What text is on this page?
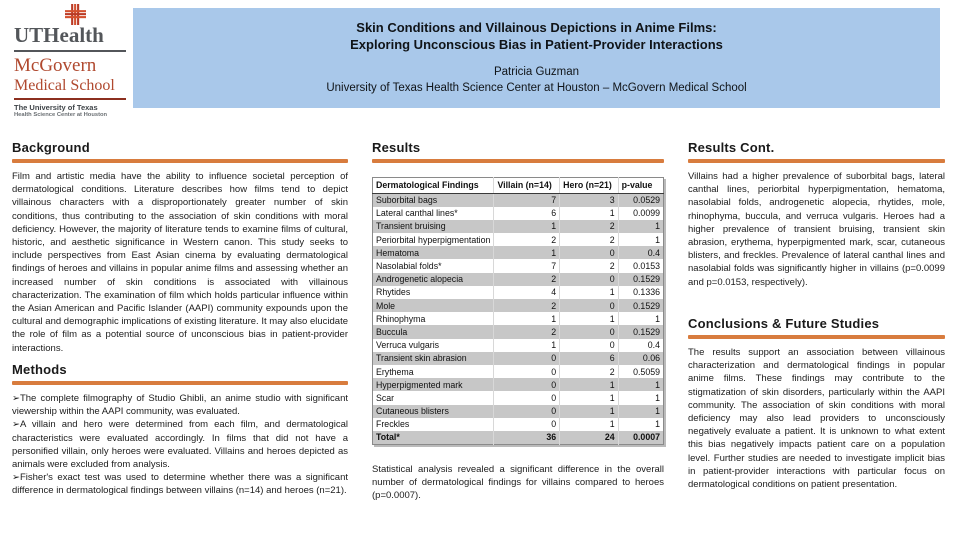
UTHealth
McGovern
Medical School
The University of Texas
Health Science Center at Houston
Skin Conditions and Villainous Depictions in Anime Films:
Exploring Unconscious Bias in Patient-Provider Interactions
Patricia Guzman
University of Texas Health Science Center at Houston – McGovern Medical School
Background
Film and artistic media have the ability to influence societal perception of dermatological conditions. Literature describes how films tend to depict villainous characters with a disproportionately greater number of skin conditions, thus contributing to the association of skin conditions with moral deficiency. However, the majority of literature tends to examine films of cultural, historic, and aesthetic significance in Western canon. This study seeks to include perspectives from East Asian cinema by evaluating dermatological findings of heroes and villains in popular anime films and assessing whether an increased number of skin conditions is associated with villainous characterization. The examination of film which holds particular influence within the Asian American and Pacific Islander (AAPI) community expounds upon the cultural and demographic implications of existing literature. It may also elucidate the role of film as a potential source of unconscious bias in patient-provider interactions.
Methods

➢The complete filmography of Studio Ghibli, an anime studio with significant viewership within the AAPI community, was evaluated.

➢A villain and hero were determined from each film, and dermatological characteristics were evaluated accordingly. In films that did not have a personified villain, only heroes were evaluated. Villains and heroes depicted as animals were excluded from analysis.

➢Fisher's exact test was used to determine whether there was a significant difference in dermatological findings between villains (n=14) and heroes (n=21).

Results
Dermatological Findings	Villain (n=14)	Hero (n=21)	p-value
Suborbital bags	7	3	0.0529
Lateral canthal lines*	6	1	0.0099
Transient bruising	1	2	1
Periorbital hyperpigmentation	2	2	1
Hematoma	1	0	0.4
Nasolabial folds*	7	2	0.0153
Androgenetic alopecia	2	0	0.1529
Rhytides	4	1	0.1336
Mole	2	0	0.1529
Rhinophyma	1	1	1
Buccula	2	0	0.1529
Verruca vulgaris	1	0	0.4
Transient skin abrasion	0	6	0.06
Erythema	0	2	0.5059
Hyperpigmented mark	0	1	1
Scar	0	1	1
Cutaneous blisters	0	1	1
Freckles	0	1	1
Total*	36	24	0.0007
Statistical analysis revealed a significant difference in the overall number of dermatological findings for villains compared to heroes (p=0.0007).
Results Cont.
Villains had a higher prevalence of suborbital bags, lateral canthal lines, periorbital hyperpigmentation, hematoma, nasolabial folds, androgenetic alopecia, rhytides, mole, rhinophyma, buccula, and verruca vulgaris. Heroes had a higher prevalence of transient bruising, transient skin abrasion, erythema, hyperpigmented mark, scar, cutaneous blisters, and freckles. Prevalence of lateral canthal lines and nasolabial folds was significantly higher in villains (p=0.0099 and p=0.0153, respectively).
Conclusions & Future Studies
The results support an association between villainous characterization and dermatological findings in popular anime films. These findings may contribute to the stigmatization of skin disorders, particularly within the AAPI community. The association of skin conditions with moral deficiency may also lead providers to unconsciously negatively evaluate a patient. It is unknown to what extent this bias negatively impacts patient care on a population level. Further studies are needed to investigate implicit bias in patient-provider interactions with particular focus on dermatological conditions on patient presentation.
